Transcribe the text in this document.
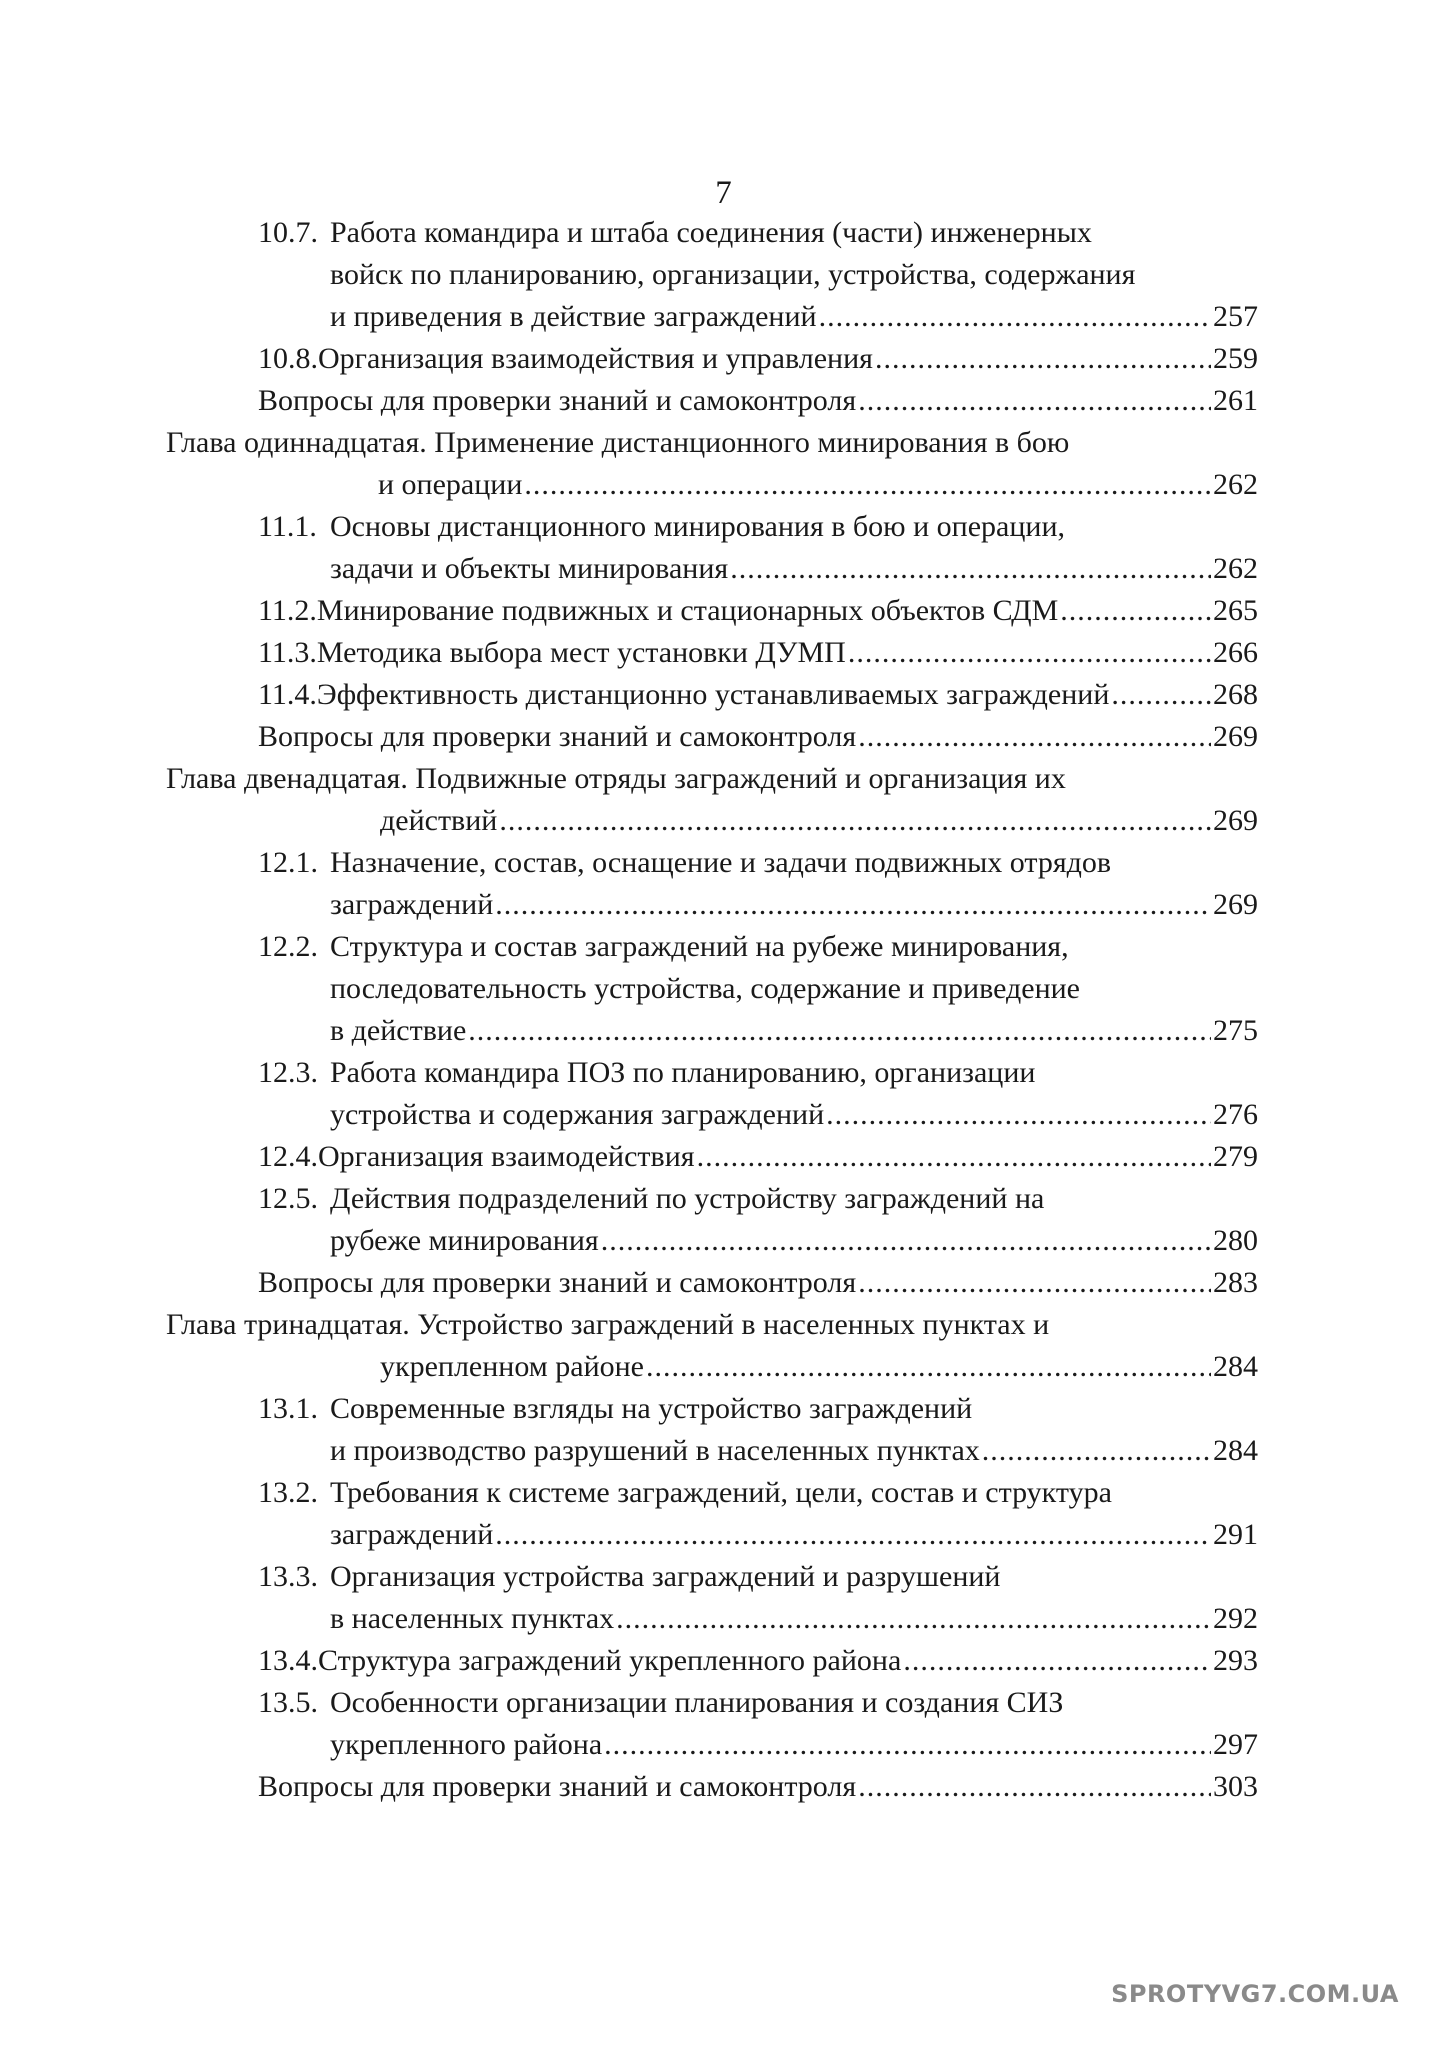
7
10.7. Работа командира и штаба соединения (части) инженерных
войск по планированию, организации, устройства, содержания
и приведения в действие заграждений .....	257
10.8. Организация взаимодействия и управления .....	259
Вопросы для проверки знаний и самоконтроля .....	261
Глава одиннадцатая. Применение дистанционного минирования в бою
и операции .....	262
11.1. Основы дистанционного минирования в бою и операции,
задачи и объекты минирования .....	262
11.2. Минирование подвижных и стационарных объектов СДМ .....	265
11.3. Методика выбора мест установки ДУМП .....	266
11.4. Эффективность дистанционно устанавливаемых заграждений .....	268
Вопросы для проверки знаний и самоконтроля .....	269
Глава двенадцатая. Подвижные отряды заграждений и организация их
действий .....	269
12.1. Назначение, состав, оснащение и задачи подвижных отрядов
заграждений .....	269
12.2. Структура и состав заграждений на рубеже минирования,
последовательность устройства, содержание и приведение
в действие .....	275
12.3. Работа командира ПОЗ по планированию, организации
устройства и содержания заграждений .....	276
12.4. Организация взаимодействия .....	279
12.5. Действия подразделений по устройству заграждений на
рубеже минирования .....	280
Вопросы для проверки знаний и самоконтроля .....	283
Глава тринадцатая. Устройство заграждений в населенных пунктах и
укрепленном районе .....	284
13.1. Современные взгляды на устройство заграждений
и производство разрушений в населенных пунктах .....	284
13.2. Требования к системе заграждений, цели, состав и структура
заграждений .....	291
13.3. Организация устройства заграждений и разрушений
в населенных пунктах .....	292
13.4. Структура заграждений укрепленного района .....	293
13.5. Особенности организации планирования и создания СИЗ
укрепленного района .....	297
Вопросы для проверки знаний и самоконтроля .....	303
SPROTYVG7.COM.UA
